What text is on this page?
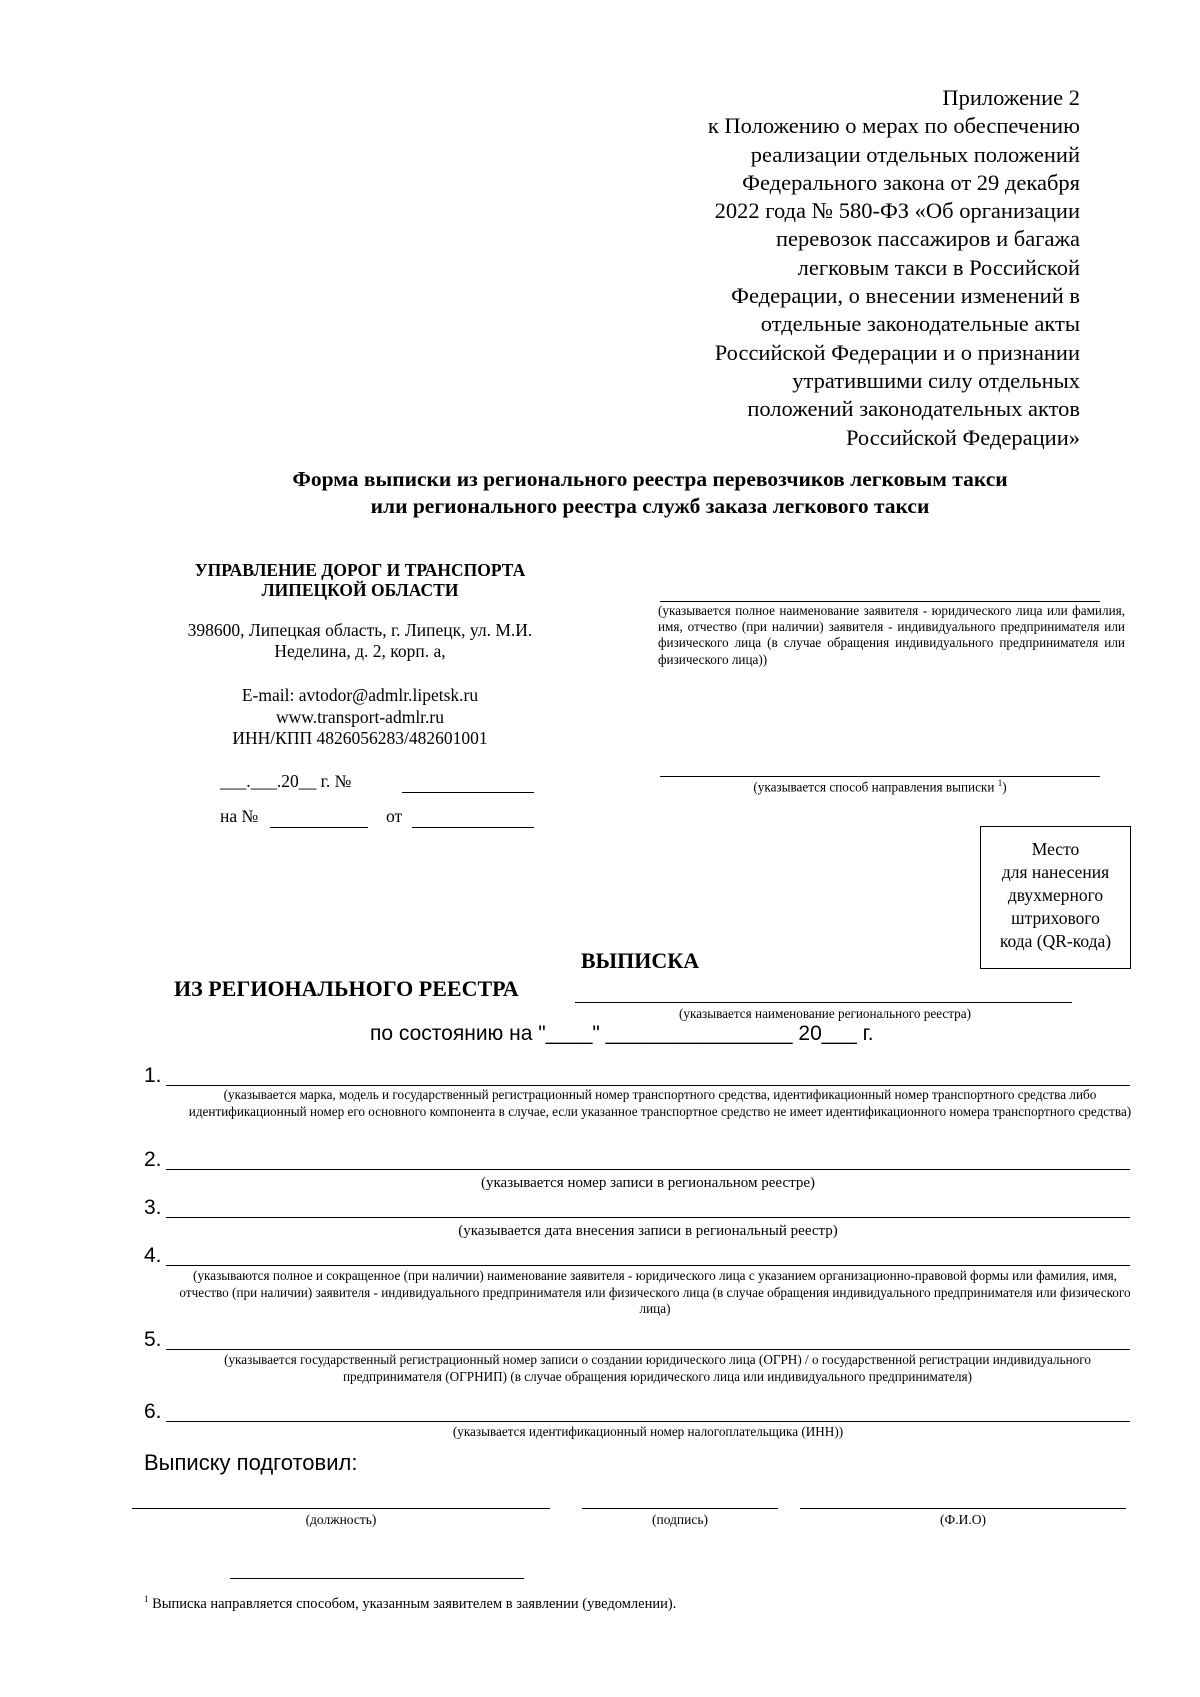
Приложение 2
к Положению о мерах по обеспечению
реализации отдельных положений
Федерального закона от 29 декабря
2022 года № 580-ФЗ «Об организации
перевозок пассажиров и багажа
легковым такси в Российской
Федерации, о внесении изменений в
отдельные законодательные акты
Российской Федерации и о признании
утратившими силу отдельных
положений законодательных актов
Российской Федерации»
Форма выписки из регионального реестра перевозчиков легковым такси
или регионального реестра служб заказа легкового такси
УПРАВЛЕНИЕ ДОРОГ И ТРАНСПОРТА
ЛИПЕЦКОЙ ОБЛАСТИ
398600, Липецкая область, г. Липецк, ул. М.И.
Неделина, д. 2, корп. а,
E-mail: avtodor@admlr.lipetsk.ru
www.transport-admlr.ru
ИНН/КПП 4826056283/482601001
___.___.20__ г. №
на №	от
(указывается полное наименование заявителя - юридического лица или фамилия, имя, отчество (при наличии) заявителя - индивидуального предпринимателя или физического лица (в случае обращения индивидуального предпринимателя или физического лица))
(указывается способ направления выписки $^1$)
Место
для нанесения
двухмерного
штрихового
кода (QR-кода)
ВЫПИСКА
ИЗ РЕГИОНАЛЬНОГО РЕЕСТРА
(указывается наименование регионального реестра)
по состоянию на "____" ________________ 20___ г.
1.
(указывается марка, модель и государственный регистрационный номер транспортного средства, идентификационный номер транспортного средства либо идентификационный номер его основного компонента в случае, если указанное транспортное средство не имеет идентификационного номера транспортного средства)
2.
(указывается номер записи в региональном реестре)
3.
(указывается дата внесения записи в региональный реестр)
4.
(указываются полное и сокращенное (при наличии) наименование заявителя - юридического лица с указанием организационно-правовой формы или фамилия, имя, отчество (при наличии) заявителя - индивидуального предпринимателя или физического лица (в случае обращения индивидуального предпринимателя или физического лица)
5.
(указывается государственный регистрационный номер записи о создании юридического лица (ОГРН) / о государственной регистрации индивидуального предпринимателя (ОГРНИП) (в случае обращения юридического лица или индивидуального предпринимателя)
6.
(указывается идентификационный номер налогоплательщика (ИНН))
Выписку подготовил:
(должность)	(подпись)	(Ф.И.О)
$^1$ Выписка направляется способом, указанным заявителем в заявлении (уведомлении).
